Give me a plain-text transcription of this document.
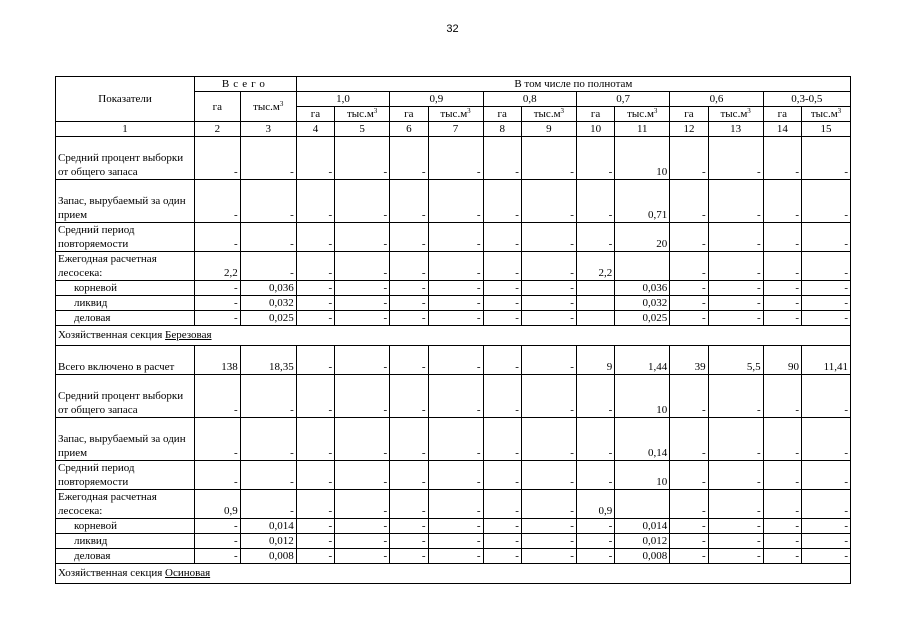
32
Показатели	Всего		В том числе по полнотам											
	га	$тыс.м^3$	1,0		0,9		0,8		0,7		0,6		0,3-0,5	
			га	$тыс.м^3$	га	$тыс.м^3$	га	$тыс.м^3$	га	$тыс.м^3$	га	$тыс.м^3$	га	$тыс.м^3$
1	2	3	4	5	6	7	8	9	10	11	12	13	14	15
Средний процент выборки от общего запаса	-	-	-	-	-	-	-	-	-	10	-	-	-	-
Запас, вырубаемый за один прием	-	-	-	-	-	-	-	-	-	0,71	-	-	-	-
Средний период повторяемости	-	-	-	-	-	-	-	-	-	20	-	-	-	-
Ежегодная расчетная лесосека:	2,2	-	-	-	-	-	-	-	2,2		-	-	-	-
корневой	-	0,036	-	-	-	-	-	-		0,036	-	-	-	-
ликвид	-	0,032	-	-	-	-	-	-		0,032	-	-	-	-
деловая	-	0,025	-	-	-	-	-	-		0,025	-	-	-	-
Хозяйственная секция Березовая														
Всего включено в расчет	138	18,35	-	-	-	-	-	-	9	1,44	39	5,5	90	11,41
Средний процент выборки от общего запаса	-	-	-	-	-	-	-	-	-	10	-	-	-	-
Запас, вырубаемый за один прием	-	-	-	-	-	-	-	-	-	0,14	-	-	-	-
Средний период повторяемости	-	-	-	-	-	-	-	-	-	10	-	-	-	-
Ежегодная расчетная лесосека:	0,9	-	-	-	-	-	-	-	0,9		-	-	-	-
корневой	-	0,014	-	-	-	-	-	-	-	0,014	-	-	-	-
ликвид	-	0,012	-	-	-	-	-	-	-	0,012	-	-	-	-
деловая	-	0,008	-	-	-	-	-	-	-	0,008	-	-	-	-
Хозяйственная секция Осиновая														
